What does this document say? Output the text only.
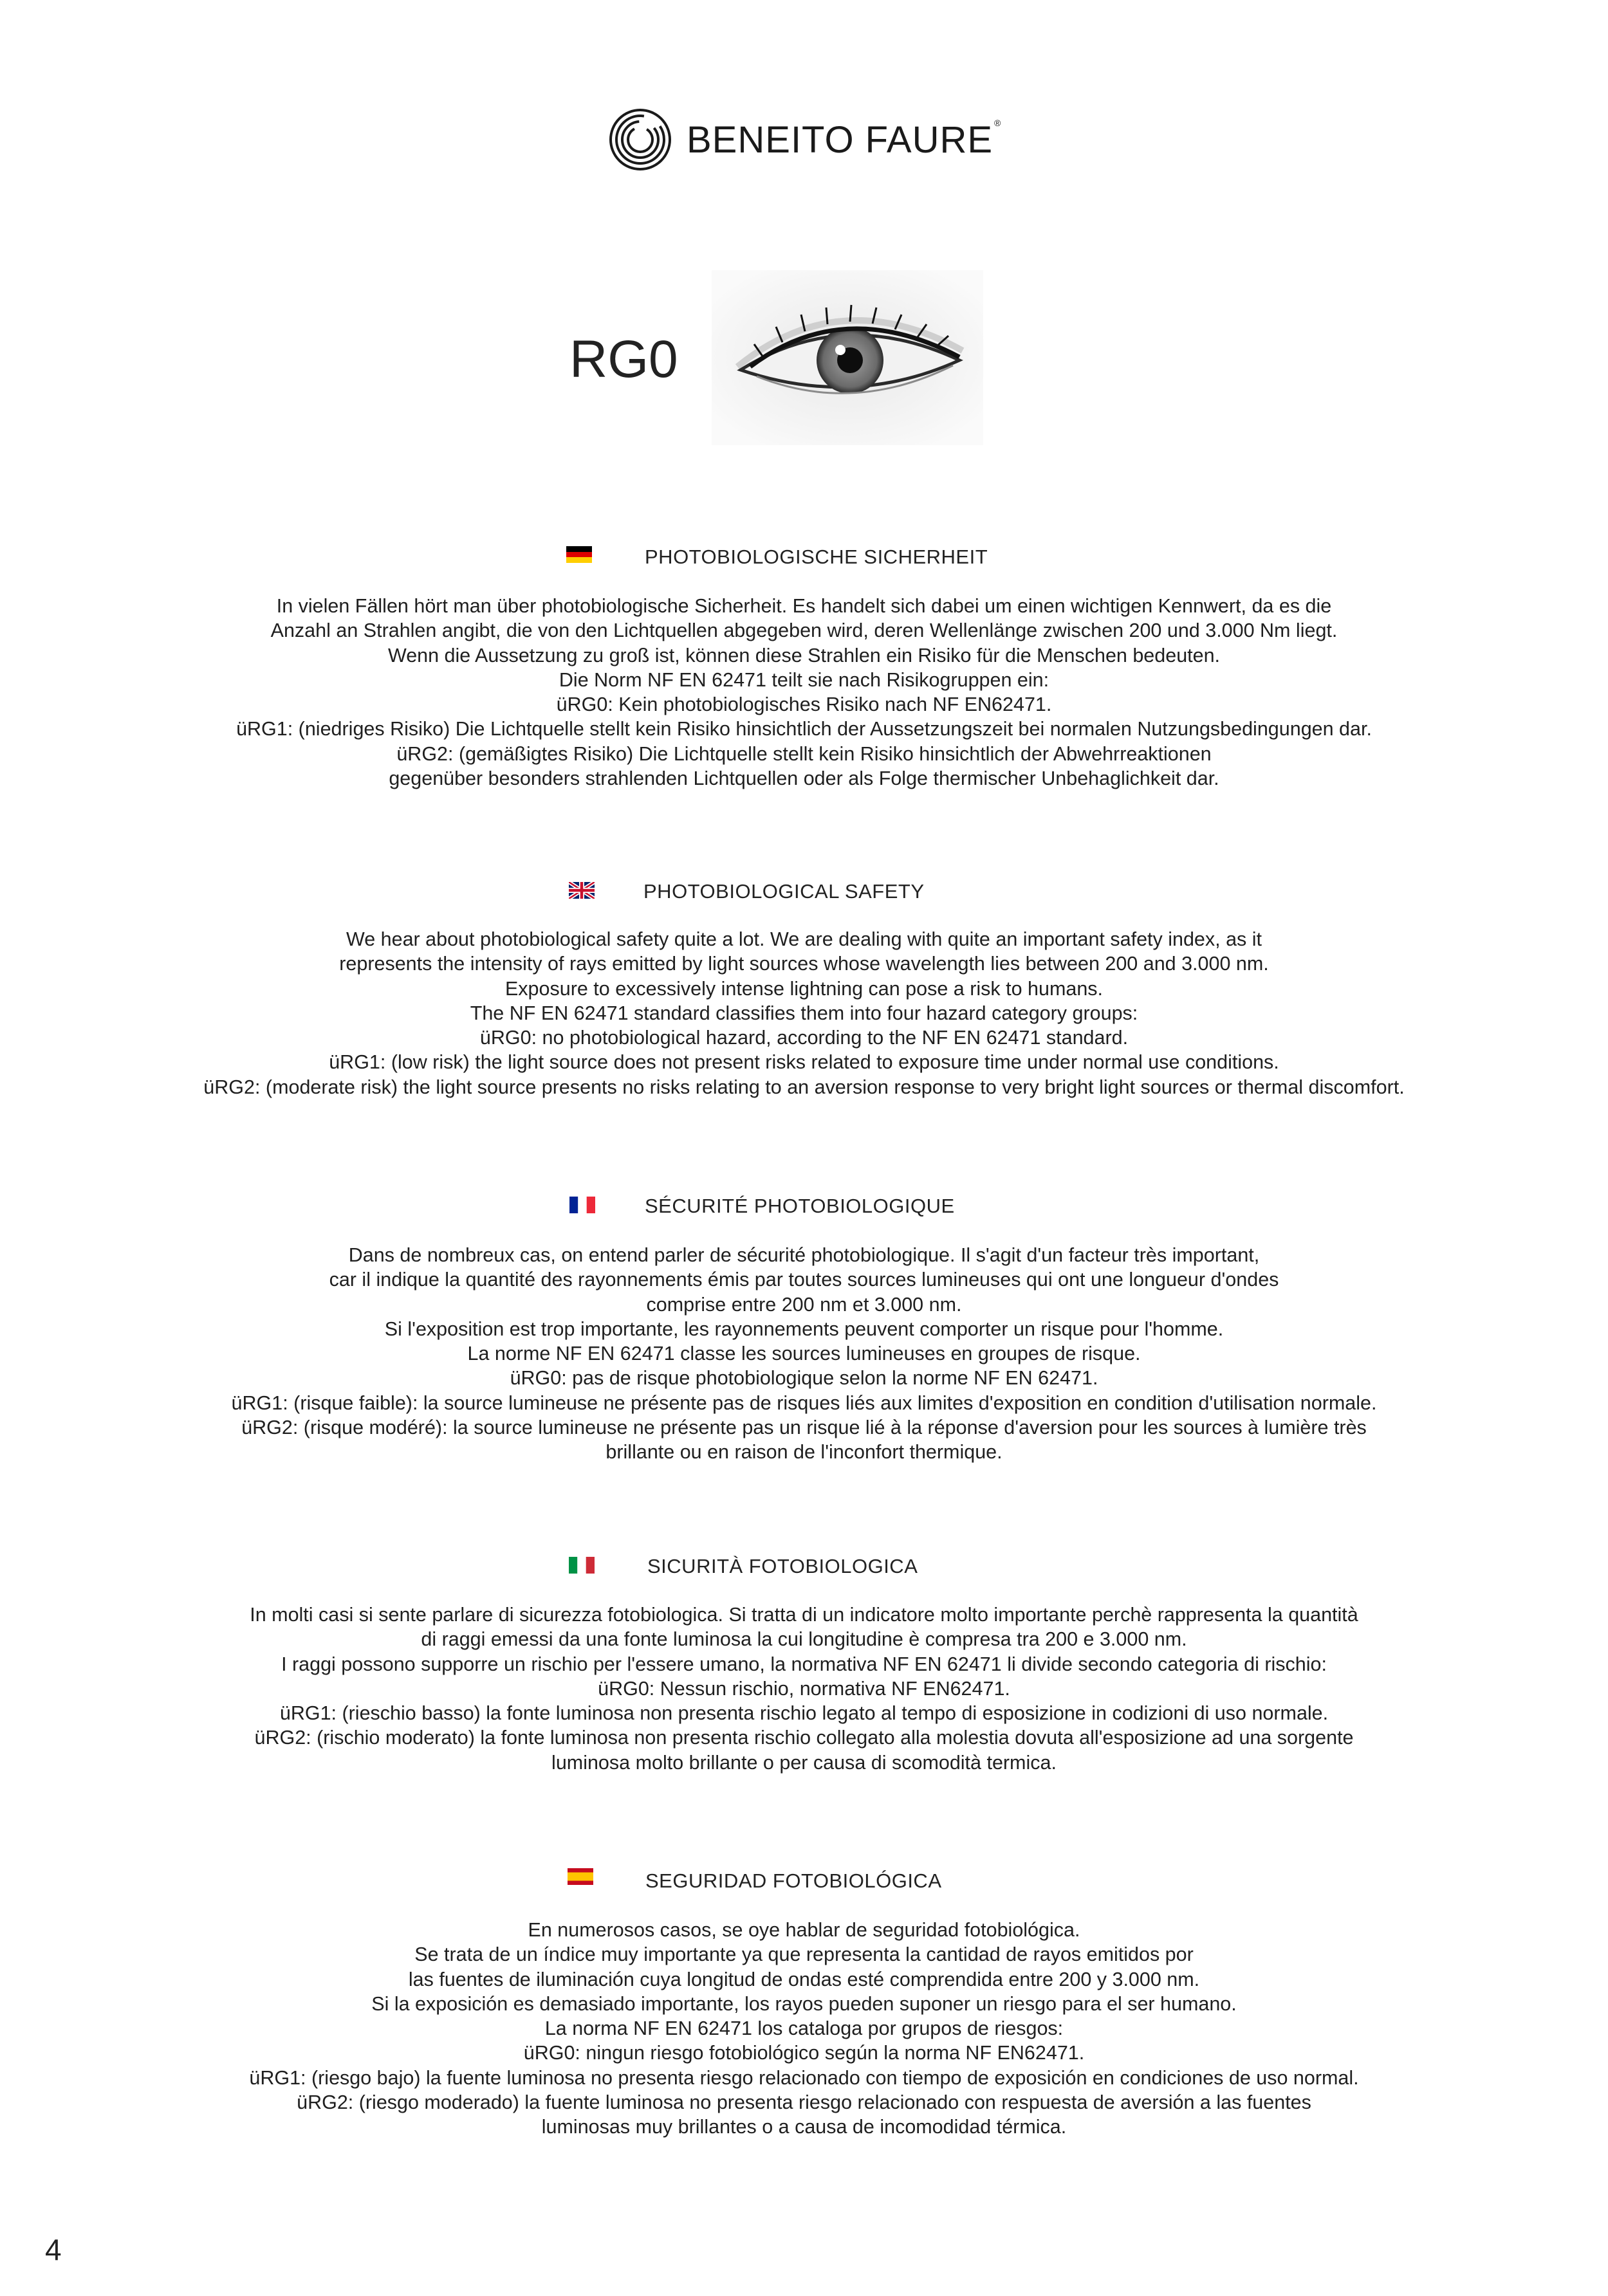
BENEITO FAURE ®
RG0
PHOTOBIOLOGISCHE SICHERHEIT
In vielen Fällen hört man über photobiologische Sicherheit. Es handelt sich dabei um einen wichtigen Kennwert, da es die
Anzahl an Strahlen angibt, die von den Lichtquellen abgegeben wird, deren Wellenlänge zwischen 200 und 3.000 Nm liegt.
Wenn die Aussetzung zu groß ist, können diese Strahlen ein Risiko für die Menschen bedeuten.
Die Norm NF EN 62471 teilt sie nach Risikogruppen ein:
üRG0: Kein photobiologisches Risiko nach NF EN62471.
üRG1: (niedriges Risiko) Die Lichtquelle stellt kein Risiko hinsichtlich der Aussetzungszeit bei normalen Nutzungsbedingungen dar.
üRG2: (gemäßigtes Risiko) Die Lichtquelle stellt kein Risiko hinsichtlich der Abwehrreaktionen
gegenüber besonders strahlenden Lichtquellen oder als Folge thermischer Unbehaglichkeit dar.
PHOTOBIOLOGICAL SAFETY
We hear about photobiological safety quite a lot. We are dealing with quite an important safety index, as it
represents the intensity of rays emitted by light sources whose wavelength lies between 200 and 3.000 nm.
Exposure to excessively intense lightning can pose a risk to humans.
The NF EN 62471 standard classifies them into four hazard category groups:
üRG0: no photobiological hazard, according to the NF EN 62471 standard.
üRG1: (low risk) the light source does not present risks related to exposure time under normal use conditions.
üRG2: (moderate risk) the light source presents no risks relating to an aversion response to very bright light sources or thermal discomfort.
SÉCURITÉ PHOTOBIOLOGIQUE
Dans de nombreux cas, on entend parler de sécurité photobiologique. Il s'agit d'un facteur très important,
car il indique la quantité des rayonnements émis par toutes sources lumineuses qui ont une longueur d'ondes
comprise entre 200 nm et 3.000 nm.
Si l'exposition est trop importante, les rayonnements peuvent comporter un risque pour l'homme.
La norme NF EN 62471 classe les sources lumineuses en groupes de risque.
üRG0: pas de risque photobiologique selon la norme NF EN 62471.
üRG1: (risque faible): la source lumineuse ne présente pas de risques liés aux limites d'exposition en condition d'utilisation normale.
üRG2: (risque modéré): la source lumineuse ne présente pas un risque lié à la réponse d'aversion pour les sources à lumière très
brillante ou en raison de l'inconfort thermique.
SICURITÀ FOTOBIOLOGICA
In molti casi si sente parlare di sicurezza fotobiologica. Si tratta di un indicatore molto importante perchè rappresenta la quantità
di raggi emessi da una fonte luminosa la cui longitudine è compresa tra 200 e 3.000 nm.
I raggi possono supporre un rischio per l'essere umano, la normativa NF EN 62471 li divide secondo categoria di rischio:
üRG0: Nessun rischio, normativa NF EN62471.
üRG1: (rieschio basso) la fonte luminosa non presenta rischio legato al tempo di esposizione in codizioni di uso normale.
üRG2: (rischio moderato) la fonte luminosa non presenta rischio collegato alla molestia dovuta all'esposizione ad una sorgente
luminosa molto brillante o per causa di scomodità termica.
SEGURIDAD FOTOBIOLÓGICA
En numerosos casos, se oye hablar de seguridad fotobiológica.
Se trata de un índice muy importante ya que representa la cantidad de rayos emitidos por
las fuentes de iluminación cuya longitud de ondas esté comprendida entre 200 y 3.000 nm.
Si la exposición es demasiado importante, los rayos pueden suponer un riesgo para el ser humano.
La norma NF EN 62471 los cataloga por grupos de riesgos:
üRG0: ningun riesgo fotobiológico según la norma NF EN62471.
üRG1: (riesgo bajo) la fuente luminosa no presenta riesgo relacionado con tiempo de exposición en condiciones de uso normal.
üRG2: (riesgo moderado) la fuente luminosa no presenta riesgo relacionado con respuesta de aversión a las fuentes
luminosas muy brillantes o a causa de incomodidad térmica.
4
